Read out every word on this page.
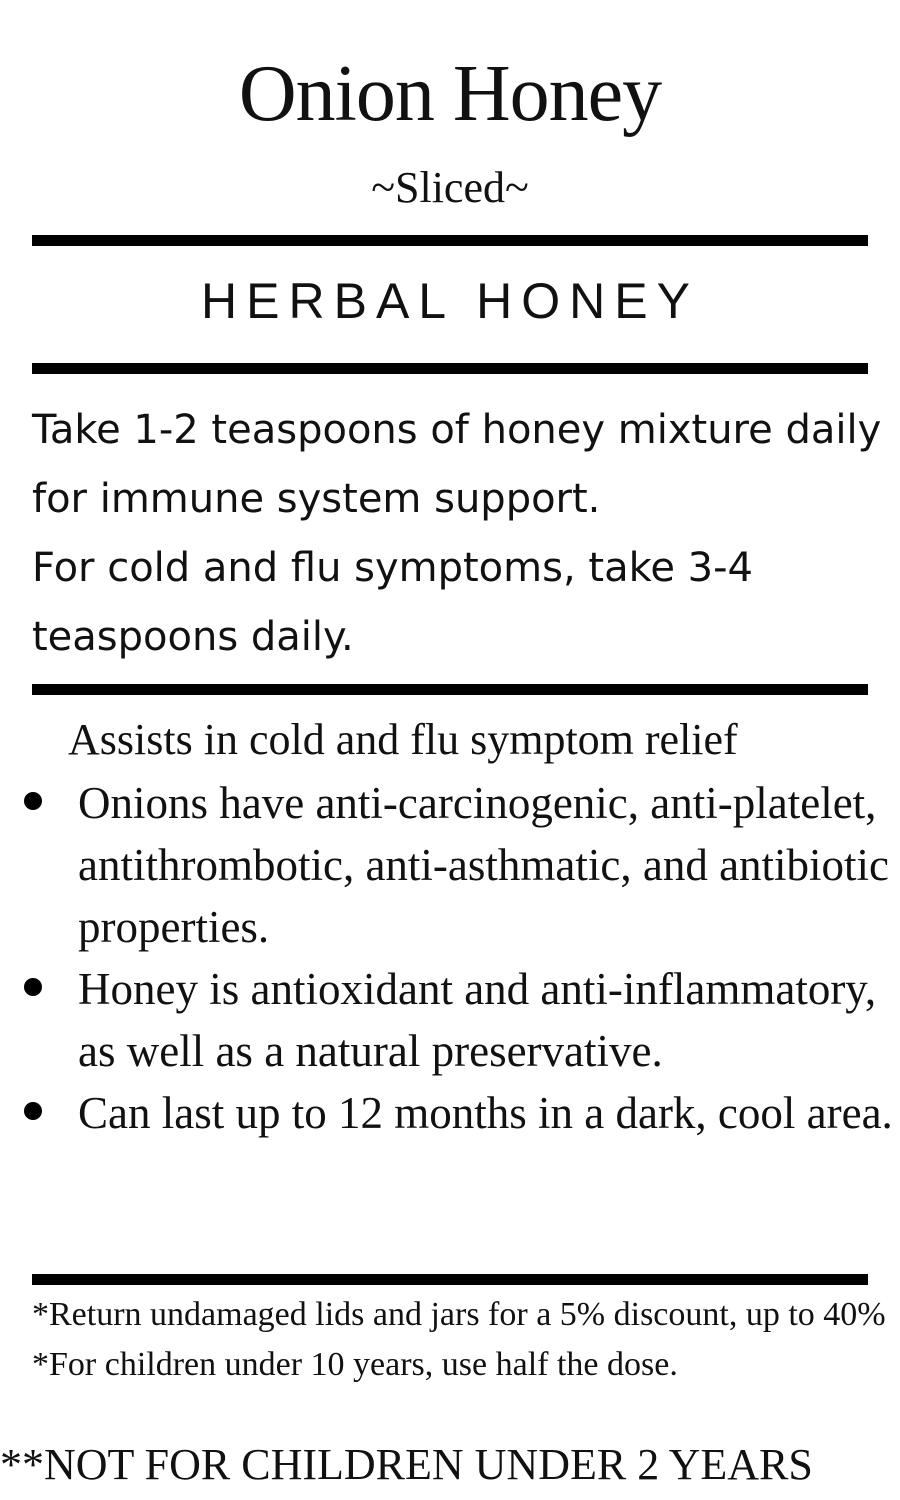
Onion Honey
~Sliced~
HERBAL HONEY

Take 1-2 teaspoons of honey mixture daily for immune system support.

For cold and flu symptoms, take 3-4 teaspoons daily.

Assists in cold and flu symptom relief
Onions have anti-carcinogenic, anti-platelet, antithrombotic, anti-asthmatic, and antibiotic properties.
Honey is antioxidant and anti-inflammatory, as well as a natural preservative.
Can last up to 12 months in a dark, cool area.

*Return undamaged lids and jars for a 5% discount, up to 40%

*For children under 10 years, use half the dose.

**NOT FOR CHILDREN UNDER 2 YEARS
